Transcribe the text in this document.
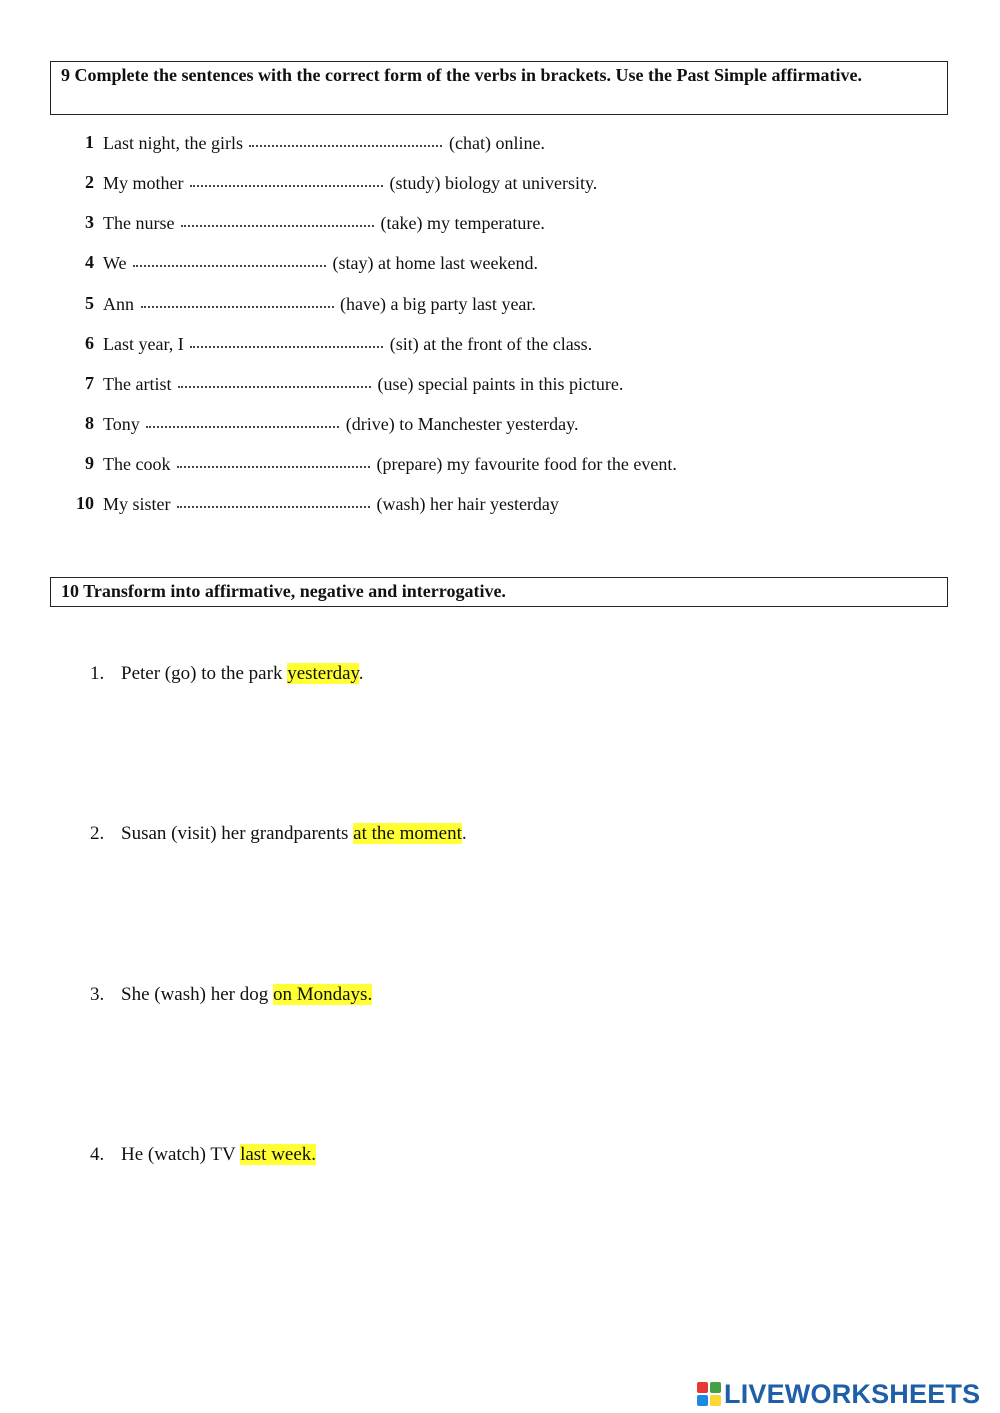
9 Complete the sentences with the correct form of the verbs in brackets. Use the Past Simple affirmative.
1 Last night, the girls	(chat) online.
2 My mother	(study) biology at university.
3 The nurse	(take) my temperature.
4 We	(stay) at home last weekend.
5 Ann	(have) a big party last year.
6 Last year, I	(sit) at the front of the class.
7 The artist	(use) special paints in this picture.
8 Tony	(drive) to Manchester yesterday.
9 The cook	(prepare) my favourite food for the event.
10 My sister	(wash) her hair yesterday
10 Transform into affirmative, negative and interrogative.
1. Peter (go) to the park yesterday.
2. Susan (visit) her grandparents at the moment.
3. She (wash) her dog on Mondays.
4. He (watch) TV last week.
LIVEWORKSHEETS
